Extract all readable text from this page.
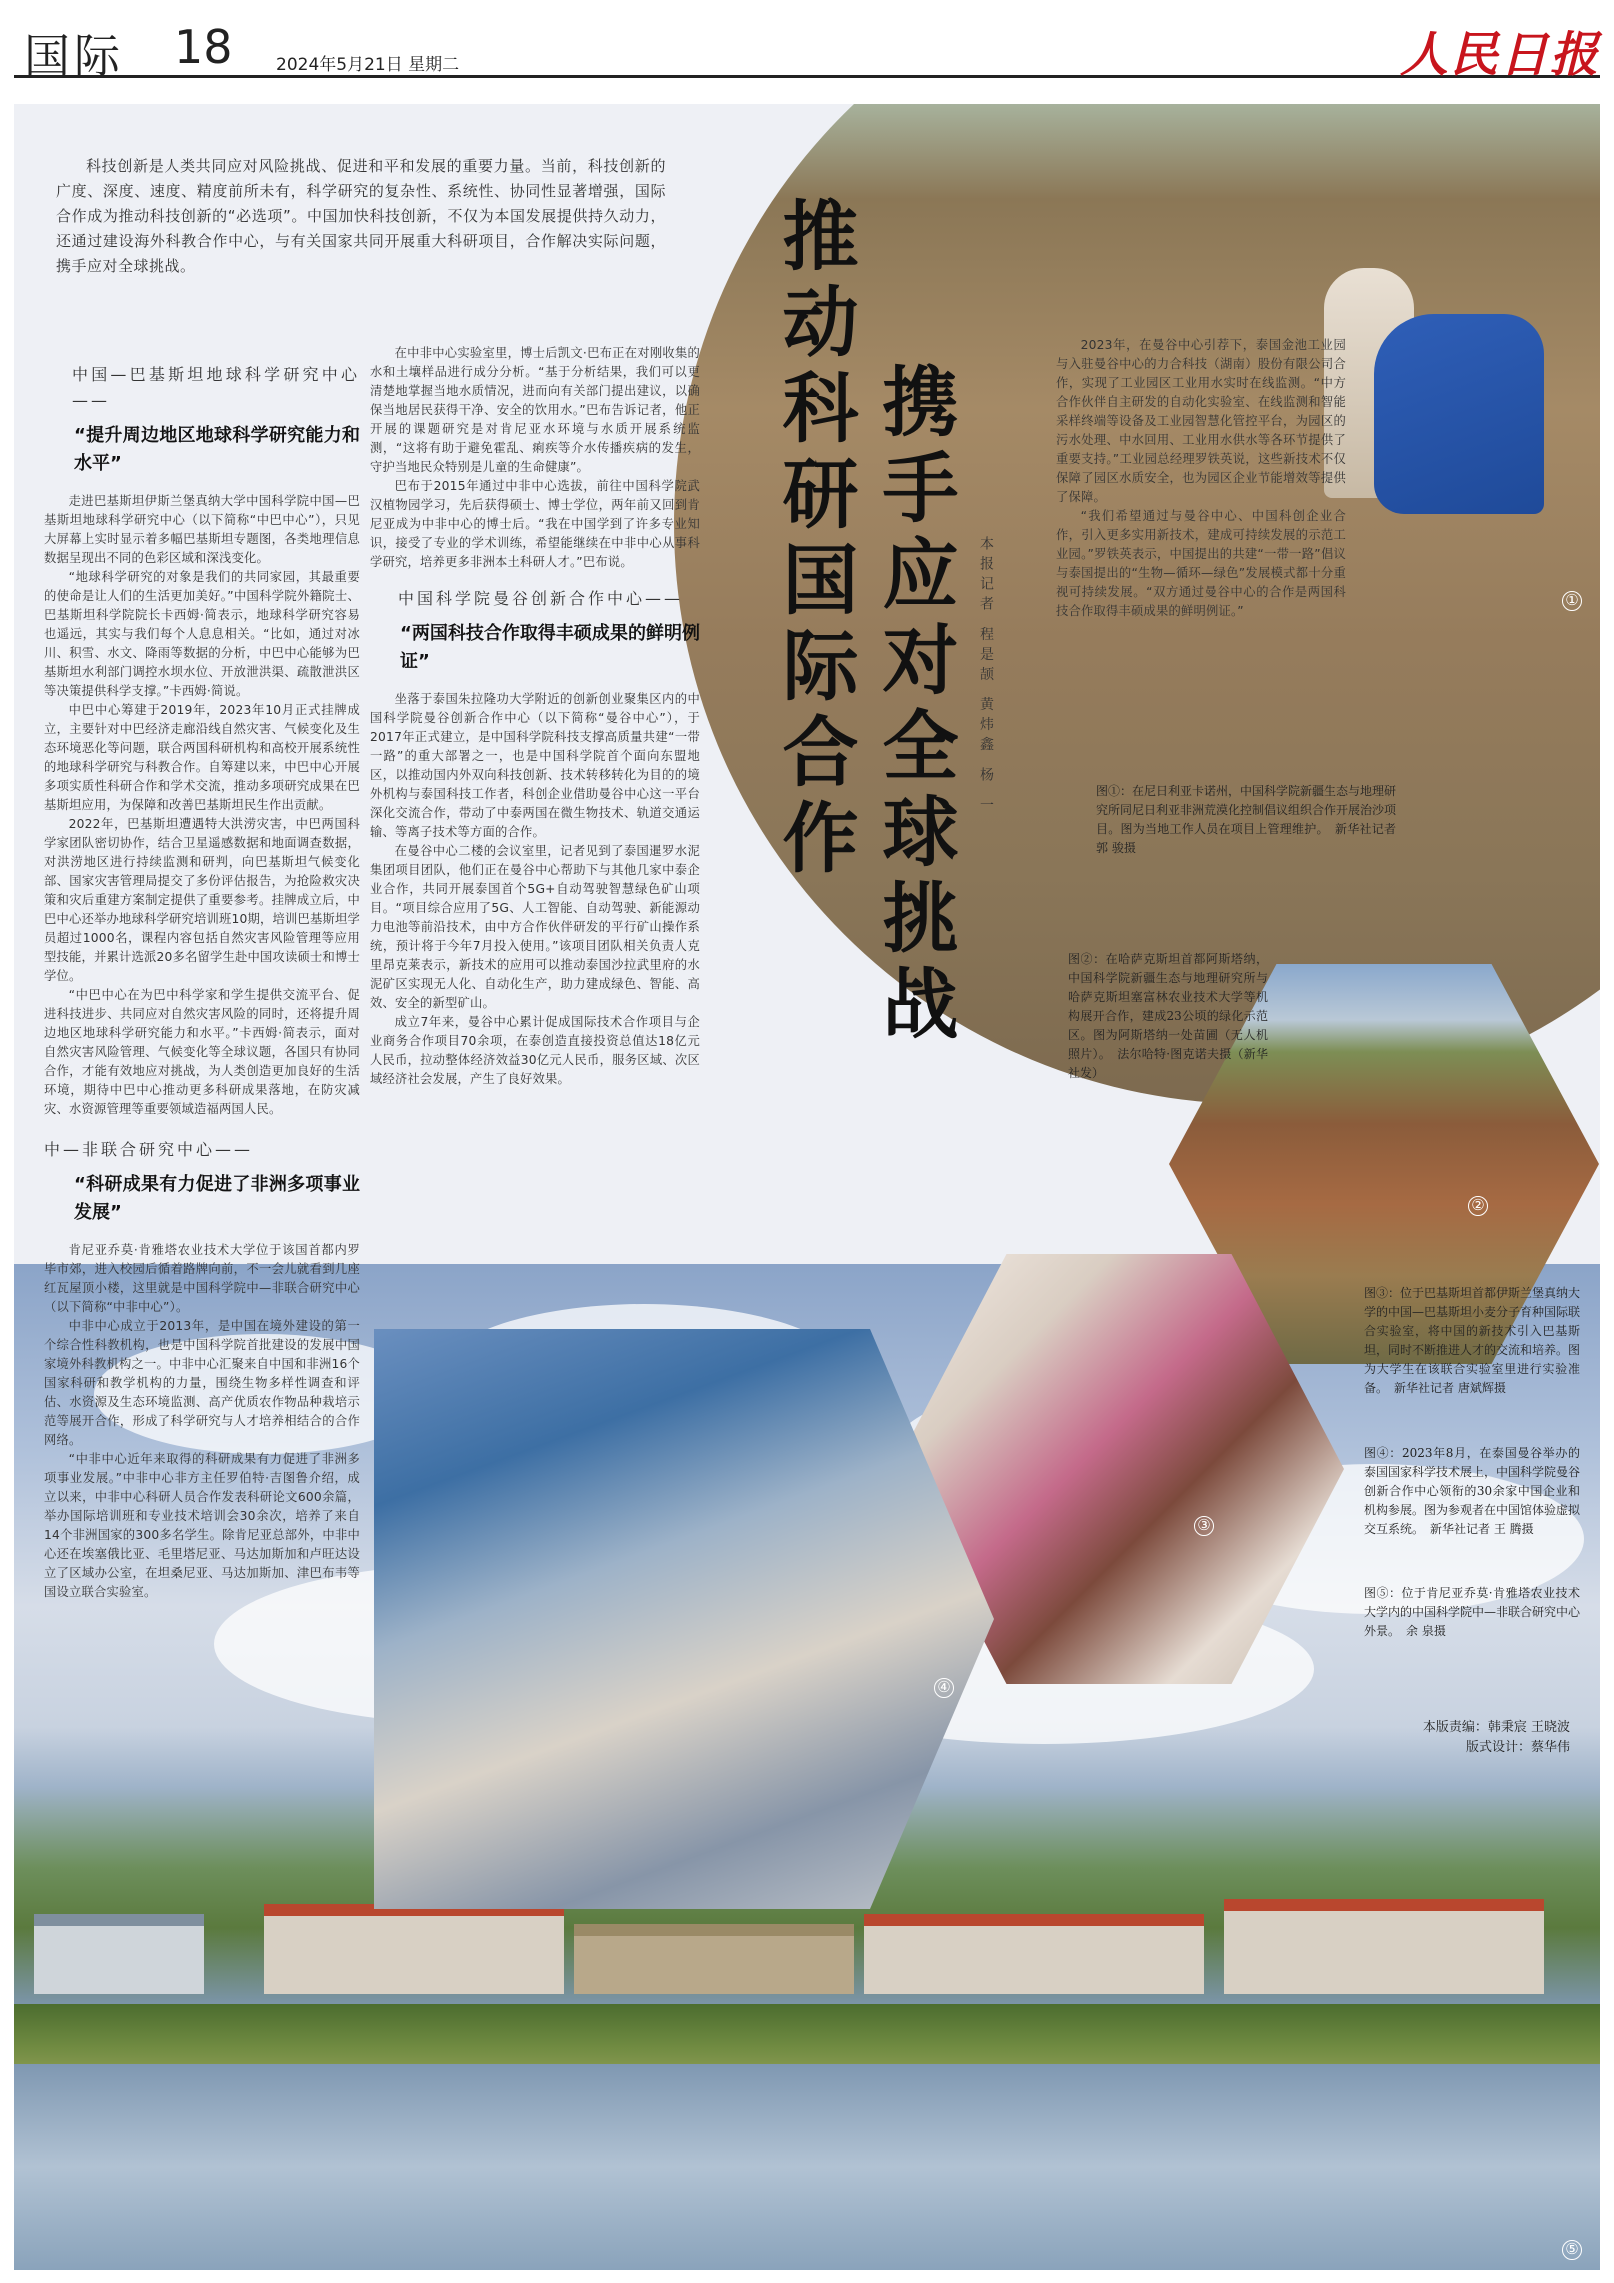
国际 18	2024年5月21日 星期二	人民日报
⑤
①
②
③
④

科技创新是人类共同应对风险挑战、促进和平和发展的重要力量。当前，科技创新的广度、深度、速度、精度前所未有，科学研究的复杂性、系统性、协同性显著增强，国际合作成为推动科技创新的“必选项”。中国加快科技创新，不仅为本国发展提供持久动力，还通过建设海外科教合作中心，与有关国家共同开展重大科研项目，合作解决实际问题，携手应对全球挑战。	推动科研国际合作 携手应对全球挑战	本报记者 程是颉 黄炜鑫 杨 一
中国—巴基斯坦地球科学研究中心——
“提升周边地区地球科学研究能力和水平”

走进巴基斯坦伊斯兰堡真纳大学中国科学院中国—巴基斯坦地球科学研究中心（以下简称“中巴中心”），只见大屏幕上实时显示着多幅巴基斯坦专题图，各类地理信息数据呈现出不同的色彩区域和深浅变化。

“地球科学研究的对象是我们的共同家园，其最重要的使命是让人们的生活更加美好。”中国科学院外籍院士、巴基斯坦科学院院长卡西姆·简表示，地球科学研究容易也遥远，其实与我们每个人息息相关。“比如，通过对冰川、积雪、水文、降雨等数据的分析，中巴中心能够为巴基斯坦水利部门调控水坝水位、开放泄洪渠、疏散泄洪区等决策提供科学支撑。”卡西姆·简说。

中巴中心筹建于2019年，2023年10月正式挂牌成立，主要针对中巴经济走廊沿线自然灾害、气候变化及生态环境恶化等问题，联合两国科研机构和高校开展系统性的地球科学研究与科教合作。自筹建以来，中巴中心开展多项实质性科研合作和学术交流，推动多项研究成果在巴基斯坦应用，为保障和改善巴基斯坦民生作出贡献。

2022年，巴基斯坦遭遇特大洪涝灾害，中巴两国科学家团队密切协作，结合卫星遥感数据和地面调查数据，对洪涝地区进行持续监测和研判，向巴基斯坦气候变化部、国家灾害管理局提交了多份评估报告，为抢险救灾决策和灾后重建方案制定提供了重要参考。挂牌成立后，中巴中心还举办地球科学研究培训班10期，培训巴基斯坦学员超过1000名，课程内容包括自然灾害风险管理等应用型技能，并累计选派20多名留学生赴中国攻读硕士和博士学位。

“中巴中心在为巴中科学家和学生提供交流平台、促进科技进步、共同应对自然灾害风险的同时，还将提升周边地区地球科学研究能力和水平。”卡西姆·简表示，面对自然灾害风险管理、气候变化等全球议题，各国只有协同合作，才能有效地应对挑战，为人类创造更加良好的生活环境，期待中巴中心推动更多科研成果落地，在防灾减灾、水资源管理等重要领域造福两国人民。

中—非联合研究中心——
“科研成果有力促进了非洲多项事业发展”

肯尼亚乔莫·肯雅塔农业技术大学位于该国首都内罗毕市郊，进入校园后循着路牌向前，不一会儿就看到几座红瓦屋顶小楼，这里就是中国科学院中—非联合研究中心（以下简称“中非中心”）。

中非中心成立于2013年，是中国在境外建设的第一个综合性科教机构，也是中国科学院首批建设的发展中国家境外科教机构之一。中非中心汇聚来自中国和非洲16个国家科研和教学机构的力量，围绕生物多样性调查和评估、水资源及生态环境监测、高产优质农作物品种栽培示范等展开合作，形成了科学研究与人才培养相结合的合作网络。

“中非中心近年来取得的科研成果有力促进了非洲多项事业发展。”中非中心非方主任罗伯特·吉图鲁介绍，成立以来，中非中心科研人员合作发表科研论文600余篇，举办国际培训班和专业技术培训会30余次，培养了来自14个非洲国家的300多名学生。除肯尼亚总部外，中非中心还在埃塞俄比亚、毛里塔尼亚、马达加斯加和卢旺达设立了区域办公室，在坦桑尼亚、马达加斯加、津巴布韦等国设立联合实验室。

在中非中心实验室里，博士后凯文·巴布正在对刚收集的水和土壤样品进行成分分析。“基于分析结果，我们可以更清楚地掌握当地水质情况，进而向有关部门提出建议，以确保当地居民获得干净、安全的饮用水。”巴布告诉记者，他正开展的课题研究是对肯尼亚水环境与水质开展系统监测，“这将有助于避免霍乱、痢疾等介水传播疾病的发生，守护当地民众特别是儿童的生命健康”。

巴布于2015年通过中非中心选拔，前往中国科学院武汉植物园学习，先后获得硕士、博士学位，两年前又回到肯尼亚成为中非中心的博士后。“我在中国学到了许多专业知识，接受了专业的学术训练，希望能继续在中非中心从事科学研究，培养更多非洲本土科研人才。”巴布说。

中国科学院曼谷创新合作中心——
“两国科技合作取得丰硕成果的鲜明例证”

坐落于泰国朱拉隆功大学附近的创新创业聚集区内的中国科学院曼谷创新合作中心（以下简称“曼谷中心”），于2017年正式建立，是中国科学院科技支撑高质量共建“一带一路”的重大部署之一，也是中国科学院首个面向东盟地区，以推动国内外双向科技创新、技术转移转化为目的的境外机构与泰国科技工作者，科创企业借助曼谷中心这一平台深化交流合作，带动了中泰两国在微生物技术、轨道交通运输、等离子技术等方面的合作。

在曼谷中心二楼的会议室里，记者见到了泰国暹罗水泥集团项目团队，他们正在曼谷中心帮助下与其他几家中泰企业合作，共同开展泰国首个5G+自动驾驶智慧绿色矿山项目。“项目综合应用了5G、人工智能、自动驾驶、新能源动力电池等前沿技术，由中方合作伙伴研发的平行矿山操作系统，预计将于今年7月投入使用。”该项目团队相关负责人克里昂克莱表示，新技术的应用可以推动泰国沙拉武里府的水泥矿区实现无人化、自动化生产，助力建成绿色、智能、高效、安全的新型矿山。

成立7年来，曼谷中心累计促成国际技术合作项目与企业商务合作项目70余项，在泰创造直接投资总值达18亿元人民币，拉动整体经济效益30亿元人民币，服务区域、次区域经济社会发展，产生了良好效果。

2023年，在曼谷中心引荐下，泰国金池工业园与入驻曼谷中心的力合科技（湖南）股份有限公司合作，实现了工业园区工业用水实时在线监测。“中方合作伙伴自主研发的自动化实验室、在线监测和智能采样终端等设备及工业园智慧化管控平台，为园区的污水处理、中水回用、工业用水供水等各环节提供了重要支持。”工业园总经理罗铁英说，这些新技术不仅保障了园区水质安全，也为园区企业节能增效等提供了保障。

“我们希望通过与曼谷中心、中国科创企业合作，引入更多实用新技术，建成可持续发展的示范工业园。”罗铁英表示，中国提出的共建“一带一路”倡议与泰国提出的“生物—循环—绿色”发展模式都十分重视可持续发展。“双方通过曼谷中心的合作是两国科技合作取得丰硕成果的鲜明例证。”

图①：在尼日利亚卡诺州，中国科学院新疆生态与地理研究所同尼日利亚非洲荒漠化控制倡议组织合作开展治沙项目。图为当地工作人员在项目上管理维护。　新华社记者 郭 骏摄
图②：在哈萨克斯坦首都阿斯塔纳，中国科学院新疆生态与地理研究所与哈萨克斯坦塞富林农业技术大学等机构展开合作，建成23公顷的绿化示范区。图为阿斯塔纳一处苗圃（无人机照片）。　法尔哈特·图克诺夫摄（新华社发）
图③：位于巴基斯坦首都伊斯兰堡真纳大学的中国—巴基斯坦小麦分子育种国际联合实验室，将中国的新技术引入巴基斯坦，同时不断推进人才的交流和培养。图为大学生在该联合实验室里进行实验准备。　新华社记者 唐斌辉摄
图④：2023年8月，在泰国曼谷举办的泰国国家科学技术展上，中国科学院曼谷创新合作中心领衔的30余家中国企业和机构参展。图为参观者在中国馆体验虚拟交互系统。　新华社记者 王 腾摄
图⑤：位于肯尼亚乔莫·肯雅塔农业技术大学内的中国科学院中—非联合研究中心外景。　余 泉摄
本版责编：韩秉宸 王晓波
版式设计：蔡华伟
